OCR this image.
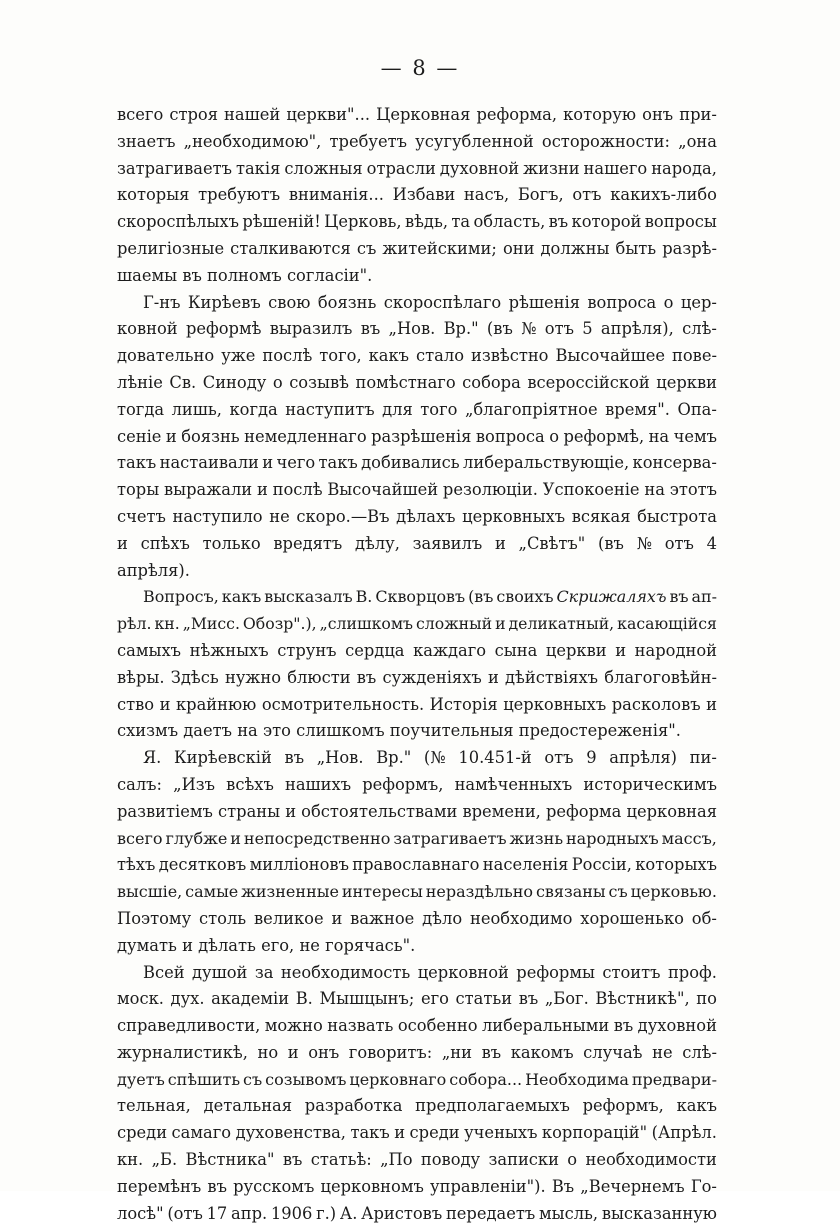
— 8 —
всего строя нашей церкви"... Церковная реформа, которую онъ при-
знаетъ „необходимою", требуетъ усугубленной осторожности: „она
затрагиваетъ такія сложныя отрасли духовной жизни нашего народа,
которыя требуютъ вниманія... Избави насъ, Богъ, отъ какихъ-либо
скороспѣлыхъ рѣшеній! Церковь, вѣдь, та область, въ которой вопросы
религіозные сталкиваются съ житейскими; они должны быть разрѣ-
шаемы въ полномъ согласіи".
Г-нъ Кирѣевъ свою боязнь скороспѣлаго рѣшенія вопроса о цер-
ковной реформѣ выразилъ въ „Нов. Вр." (въ № отъ 5 апрѣля), слѣ-
довательно уже послѣ того, какъ стало извѣстно Высочайшее пове-
лѣніе Св. Синоду о созывѣ помѣстнаго собора всероссійской церкви
тогда лишь, когда наступитъ для того „благопріятное время". Опа-
сеніе и боязнь немедленнаго разрѣшенія вопроса о реформѣ, на чемъ
такъ настаивали и чего такъ добивались либеральствующіе, консерва-
торы выражали и послѣ Высочайшей резолюціи. Успокоеніе на этотъ
счетъ наступило не скоро.—Въ дѣлахъ церковныхъ всякая быстрота
и спѣхъ только вредятъ дѣлу, заявилъ и „Свѣтъ" (въ № отъ 4
апрѣля).
Вопросъ, какъ высказалъ В. Скворцовъ (въ своихъ Скрижаляхъ въ ап-
рѣл. кн. „Мисс. Обозр".), „слишкомъ сложный и деликатный, касающійся
самыхъ нѣжныхъ струнъ сердца каждаго сына церкви и народной
вѣры. Здѣсь нужно блюсти въ сужденіяхъ и дѣйствіяхъ благоговѣйн-
ство и крайнюю осмотрительность. Исторія церковныхъ расколовъ и
схизмъ даетъ на это слишкомъ поучительныя предостереженія".
Я. Кирѣевскій въ „Нов. Вр." (№ 10.451-й отъ 9 апрѣля) пи-
салъ: „Изъ всѣхъ нашихъ реформъ, намѣченныхъ историческимъ
развитіемъ страны и обстоятельствами времени, реформа церковная
всего глубже и непосредственно затрагиваетъ жизнь народныхъ массъ,
тѣхъ десятковъ милліоновъ православнаго населенія Россіи, которыхъ
высшіе, самые жизненные интересы нераздѣльно связаны съ церковью.
Поэтому столь великое и важное дѣло необходимо хорошенько об-
думать и дѣлать его, не горячась".
Всей душой за необходимость церковной реформы стоитъ проф.
моск. дух. академіи В. Мышцынъ; его статьи въ „Бог. Вѣстникѣ", по
справедливости, можно назвать особенно либеральными въ духовной
журналистикѣ, но и онъ говоритъ: „ни въ какомъ случаѣ не слѣ-
дуетъ спѣшить съ созывомъ церковнаго собора... Необходима предвари-
тельная, детальная разработка предполагаемыхъ реформъ, какъ
среди самаго духовенства, такъ и среди ученыхъ корпорацій" (Апрѣл.
кн. „Б. Вѣстника" въ статьѣ: „По поводу записки о необходимости
перемѣнъ въ русскомъ церковномъ управленіи"). Въ „Вечернемъ Го-
лосѣ" (отъ 17 апр. 1906 г.) А. Аристовъ передаетъ мысль, высказанную
